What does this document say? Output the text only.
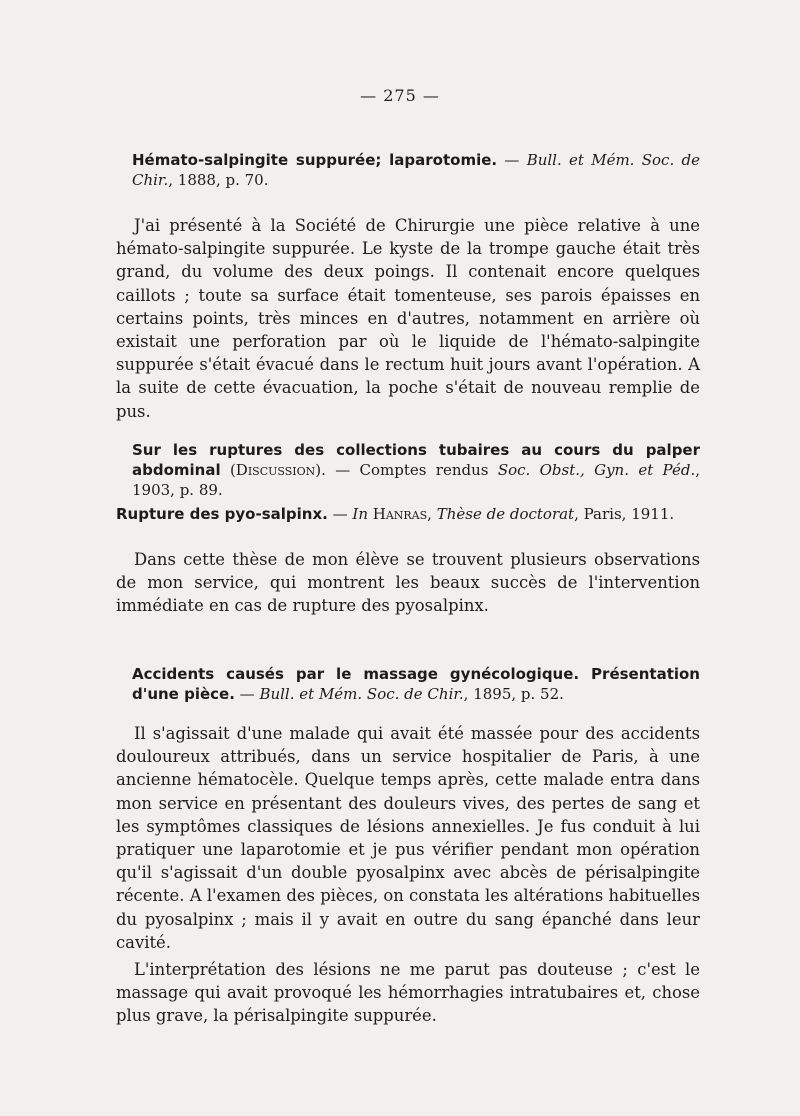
— 275 —
Hémato-salpingite suppurée; laparotomie. — Bull. et Mém. Soc. de Chir., 1888, p. 70.

J'ai présenté à la Société de Chirurgie une pièce relative à une hémato-salpingite suppurée. Le kyste de la trompe gauche était très grand, du volume des deux poings. Il contenait encore quelques caillots ; toute sa surface était tomenteuse, ses parois épaisses en certains points, très minces en d'autres, notamment en arrière où existait une perforation par où le liquide de l'hémato-salpingite suppurée s'était évacué dans le rectum huit jours avant l'opération. A la suite de cette évacuation, la poche s'était de nouveau remplie de pus.

Sur les ruptures des collections tubaires au cours du palper abdominal (Discussion). — Comptes rendus Soc. Obst., Gyn. et Péd., 1903, p. 89.
Rupture des pyo-salpinx. — In Hanras, Thèse de doctorat, Paris, 1911.

Dans cette thèse de mon élève se trouvent plusieurs observations de mon service, qui montrent les beaux succès de l'intervention immédiate en cas de rupture des pyosalpinx.

Accidents causés par le massage gynécologique. Présentation d'une pièce. — Bull. et Mém. Soc. de Chir., 1895, p. 52.

Il s'agissait d'une malade qui avait été massée pour des accidents douloureux attribués, dans un service hospitalier de Paris, à une ancienne hématocèle. Quelque temps après, cette malade entra dans mon service en présentant des douleurs vives, des pertes de sang et les symptômes classiques de lésions annexielles. Je fus conduit à lui pratiquer une laparotomie et je pus vérifier pendant mon opération qu'il s'agissait d'un double pyosalpinx avec abcès de périsalpingite récente. A l'examen des pièces, on constata les altérations habituelles du pyosalpinx ; mais il y avait en outre du sang épanché dans leur cavité.

L'interprétation des lésions ne me parut pas douteuse ; c'est le massage qui avait provoqué les hémorrhagies intratubaires et, chose plus grave, la périsalpingite suppurée.
